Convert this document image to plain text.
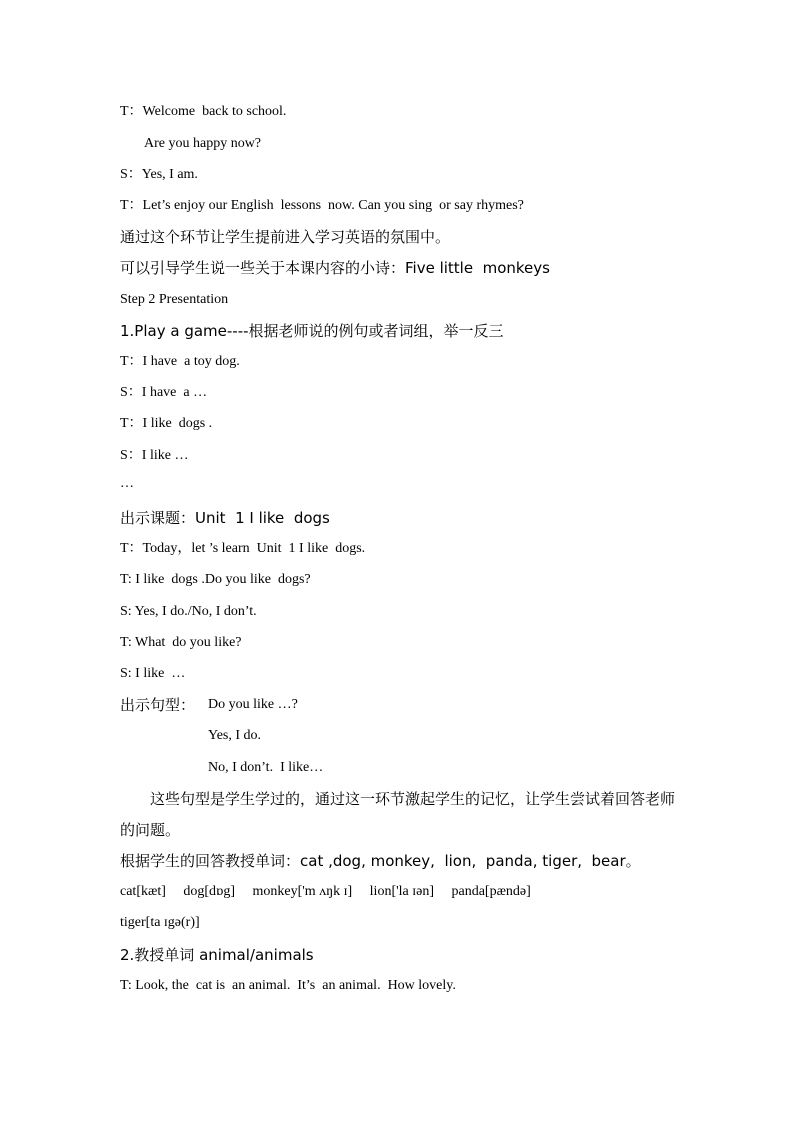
T：Welcome  back to school.
Are you happy now?
S：Yes, I am.
T：Let’s enjoy our English  lessons  now. Can you sing  or say rhymes?
通过这个环节让学生提前进入学习英语的氛围中。
可以引导学生说一些关于本课内容的小诗：Five little  monkeys
Step 2 Presentation
1.Play a game----根据老师说的例句或者词组，举一反三
T：I have  a toy dog.
S：I have  a …
T：I like  dogs .
S：I like …
…
出示课题：Unit  1 I like  dogs
T：Today，let ’s learn  Unit  1 I like  dogs.
T: I like  dogs .Do you like  dogs?
S: Yes, I do./No, I don’t.
T: What  do you like?
S: I like  …
出示句型： Do you like …?
Yes, I do.
No, I don’t.  I like…
这些句型是学生学过的，通过这一环节激起学生的记忆，让学生尝试着回答老师的问题。
根据学生的回答教授单词：cat ,dog, monkey,  lion,  panda, tiger,  bear。
cat[kæt]     dog[dɒg]     monkey['m ʌŋk ɪ]     lion['la ɪən]     panda[pændə]
tiger[ta ɪgə(r)]
2.教授单词 animal/animals
T: Look, the  cat is  an animal.  It’s  an animal.  How lovely.
